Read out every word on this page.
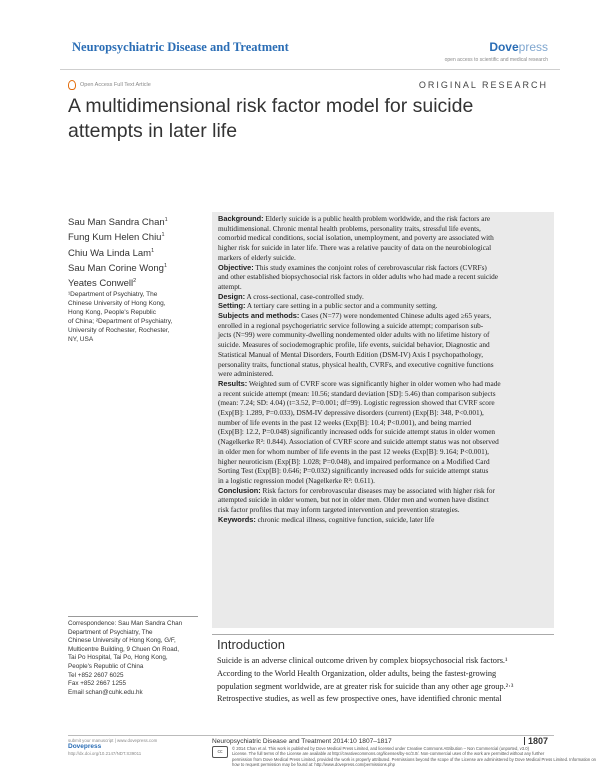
Neuropsychiatric Disease and Treatment	Dovepress
open access to scientific and medical research
Open Access Full Text Article	ORIGINAL RESEARCH
A multidimensional risk factor model for suicide
attempts in later life
Sau Man Sandra Chan$^1$
Fung Kum Helen Chiu$^1$
Chiu Wa Linda Lam$^1$
Sau Man Corine Wong$^1$
Yeates Conwell$^2$
¹Department of Psychiatry, The
Chinese University of Hong Kong,
Hong Kong, People's Republic
of China; ²Department of Psychiatry,
University of Rochester, Rochester,
NY, USA
Correspondence: Sau Man Sandra Chan
Department of Psychiatry, The
Chinese University of Hong Kong, G/F,
Multicentre Building, 9 Chuen On Road,
Tai Po Hospital, Tai Po, Hong Kong,
People's Republic of China
Tel +852 2607 6025
Fax +852 2667 1255
Email schan@cuhk.edu.hk
Background: Elderly suicide is a public health problem worldwide, and the risk factors are
multidimensional. Chronic mental health problems, personality traits, stressful life events,
comorbid medical conditions, social isolation, unemployment, and poverty are associated with
higher risk for suicide in later life. There was a relative paucity of data on the neurobiological
markers of elderly suicide.
Objective: This study examines the conjoint roles of cerebrovascular risk factors (CVRFs)
and other established biopsychosocial risk factors in older adults who had made a recent suicide
attempt.
Design: A cross-sectional, case-controlled study.
Setting: A tertiary care setting in a public sector and a community setting.
Subjects and methods: Cases (N=77) were nondemented Chinese adults aged ≥65 years,
enrolled in a regional psychogeriatric service following a suicide attempt; comparison sub-
jects (N=99) were community-dwelling nondemented older adults with no lifetime history of
suicide. Measures of sociodemographic profile, life events, suicidal behavior, Diagnostic and
Statistical Manual of Mental Disorders, Fourth Edition (DSM-IV) Axis I psychopathology,
personality traits, functional status, physical health, CVRFs, and executive cognitive functions
were administered.
Results: Weighted sum of CVRF score was significantly higher in older women who had made
a recent suicide attempt (mean: 10.56; standard deviation [SD]: 5.46) than comparison subjects
(mean: 7.24; SD: 4.04) (t=3.52, P=0.001; df=99). Logistic regression showed that CVRF score
(Exp[B]: 1.289, P=0.033), DSM-IV depressive disorders (current) (Exp[B]: 348, P<0.001),
number of life events in the past 12 weeks (Exp[B]: 10.4; P<0.001), and being married
(Exp[B]: 12.2, P=0.048) significantly increased odds for suicide attempt status in older women
(Nagelkerke R²: 0.844). Association of CVRF score and suicide attempt status was not observed
in older men for whom number of life events in the past 12 weeks (Exp[B]: 9.164; P<0.001),
higher neuroticism (Exp[B]: 1.028; P=0.048), and impaired performance on a Modified Card
Sorting Test (Exp[B]: 0.646; P=0.032) significantly increased odds for suicide attempt status
in a logistic regression model (Nagelkerke R²: 0.611).
Conclusion: Risk factors for cerebrovascular diseases may be associated with higher risk for
attempted suicide in older women, but not in older men. Older men and women have distinct
risk factor profiles that may inform targeted intervention and prevention strategies.
Keywords: chronic medical illness, cognitive function, suicide, later life
Introduction
Suicide is an adverse clinical outcome driven by complex biopsychosocial risk factors.¹
According to the World Health Organization, older adults, being the fastest-growing
population segment worldwide, are at greater risk for suicide than any other age group.²·³
Retrospective studies, as well as few prospective ones, have identified chronic mental
submit your manuscript | www.dovepress.com
Dovepress
http://dx.doi.org/10.2147/NDT.S39011
Neuropsychiatric Disease and Treatment 2014:10 1807–1817	1807
cc
© 2014 Chan et al. This work is published by Dove Medical Press Limited, and licensed under Creative Commons Attribution – Non Commercial (unported, v3.0)
License. The full terms of the License are available at http://creativecommons.org/licenses/by-nc/3.0/. Non-commercial uses of the work are permitted without any further
permission from Dove Medical Press Limited, provided the work is properly attributed. Permissions beyond the scope of the License are administered by Dove Medical Press Limited. Information on
how to request permission may be found at: http://www.dovepress.com/permissions.php
